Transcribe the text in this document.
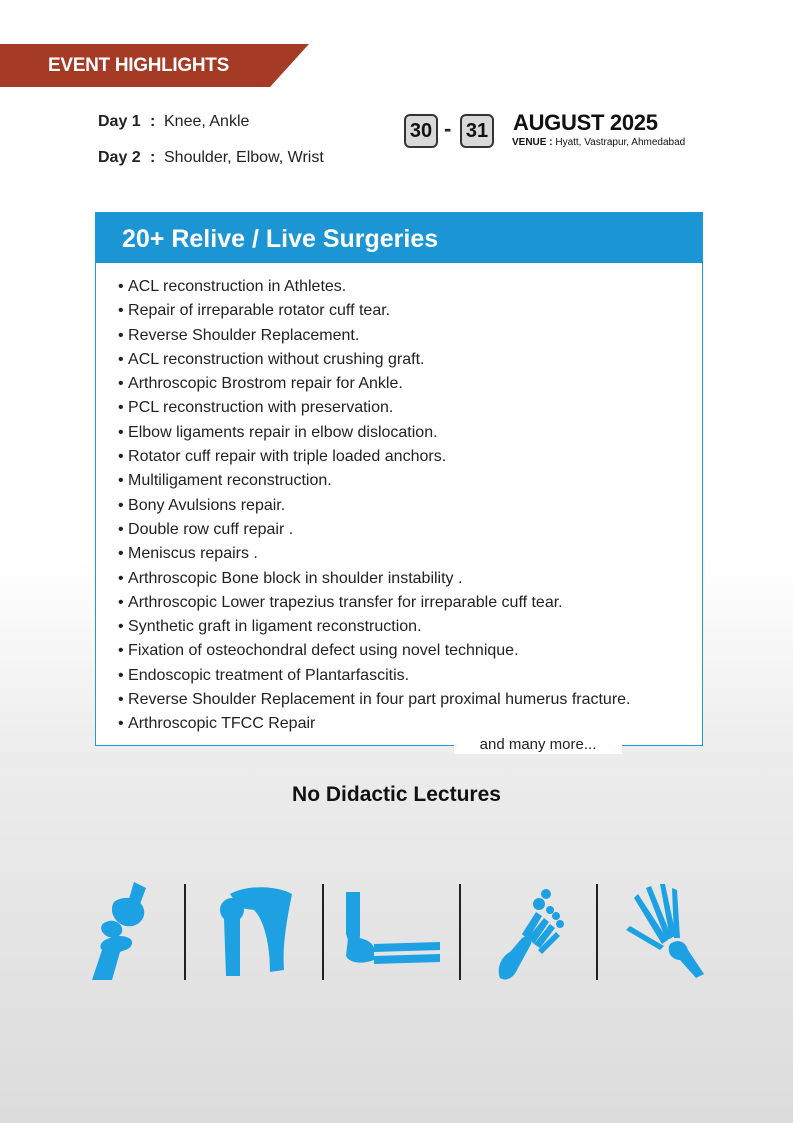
EVENT HIGHLIGHTS
Day 1 : Knee, Ankle
Day 2 : Shoulder, Elbow, Wrist
30 - 31 AUGUST 2025
VENUE : Hyatt, Vastrapur, Ahmedabad
20+ Relive / Live Surgeries
• ACL reconstruction in Athletes.
• Repair of irreparable rotator cuff tear.
• Reverse Shoulder Replacement.
• ACL reconstruction without crushing graft.
• Arthroscopic Brostrom repair for Ankle.
• PCL reconstruction with preservation.
• Elbow ligaments repair in elbow dislocation.
• Rotator cuff repair with triple loaded anchors.
• Multiligament reconstruction.
• Bony Avulsions repair.
• Double row cuff repair .
• Meniscus repairs .
• Arthroscopic Bone block in shoulder instability .
• Arthroscopic Lower trapezius transfer for irreparable cuff tear.
• Synthetic graft in ligament reconstruction.
• Fixation of osteochondral defect using novel technique.
• Endoscopic treatment of Plantarfascitis.
• Reverse Shoulder Replacement in four part proximal humerus fracture.
• Arthroscopic TFCC Repair
and many more...
No Didactic Lectures
